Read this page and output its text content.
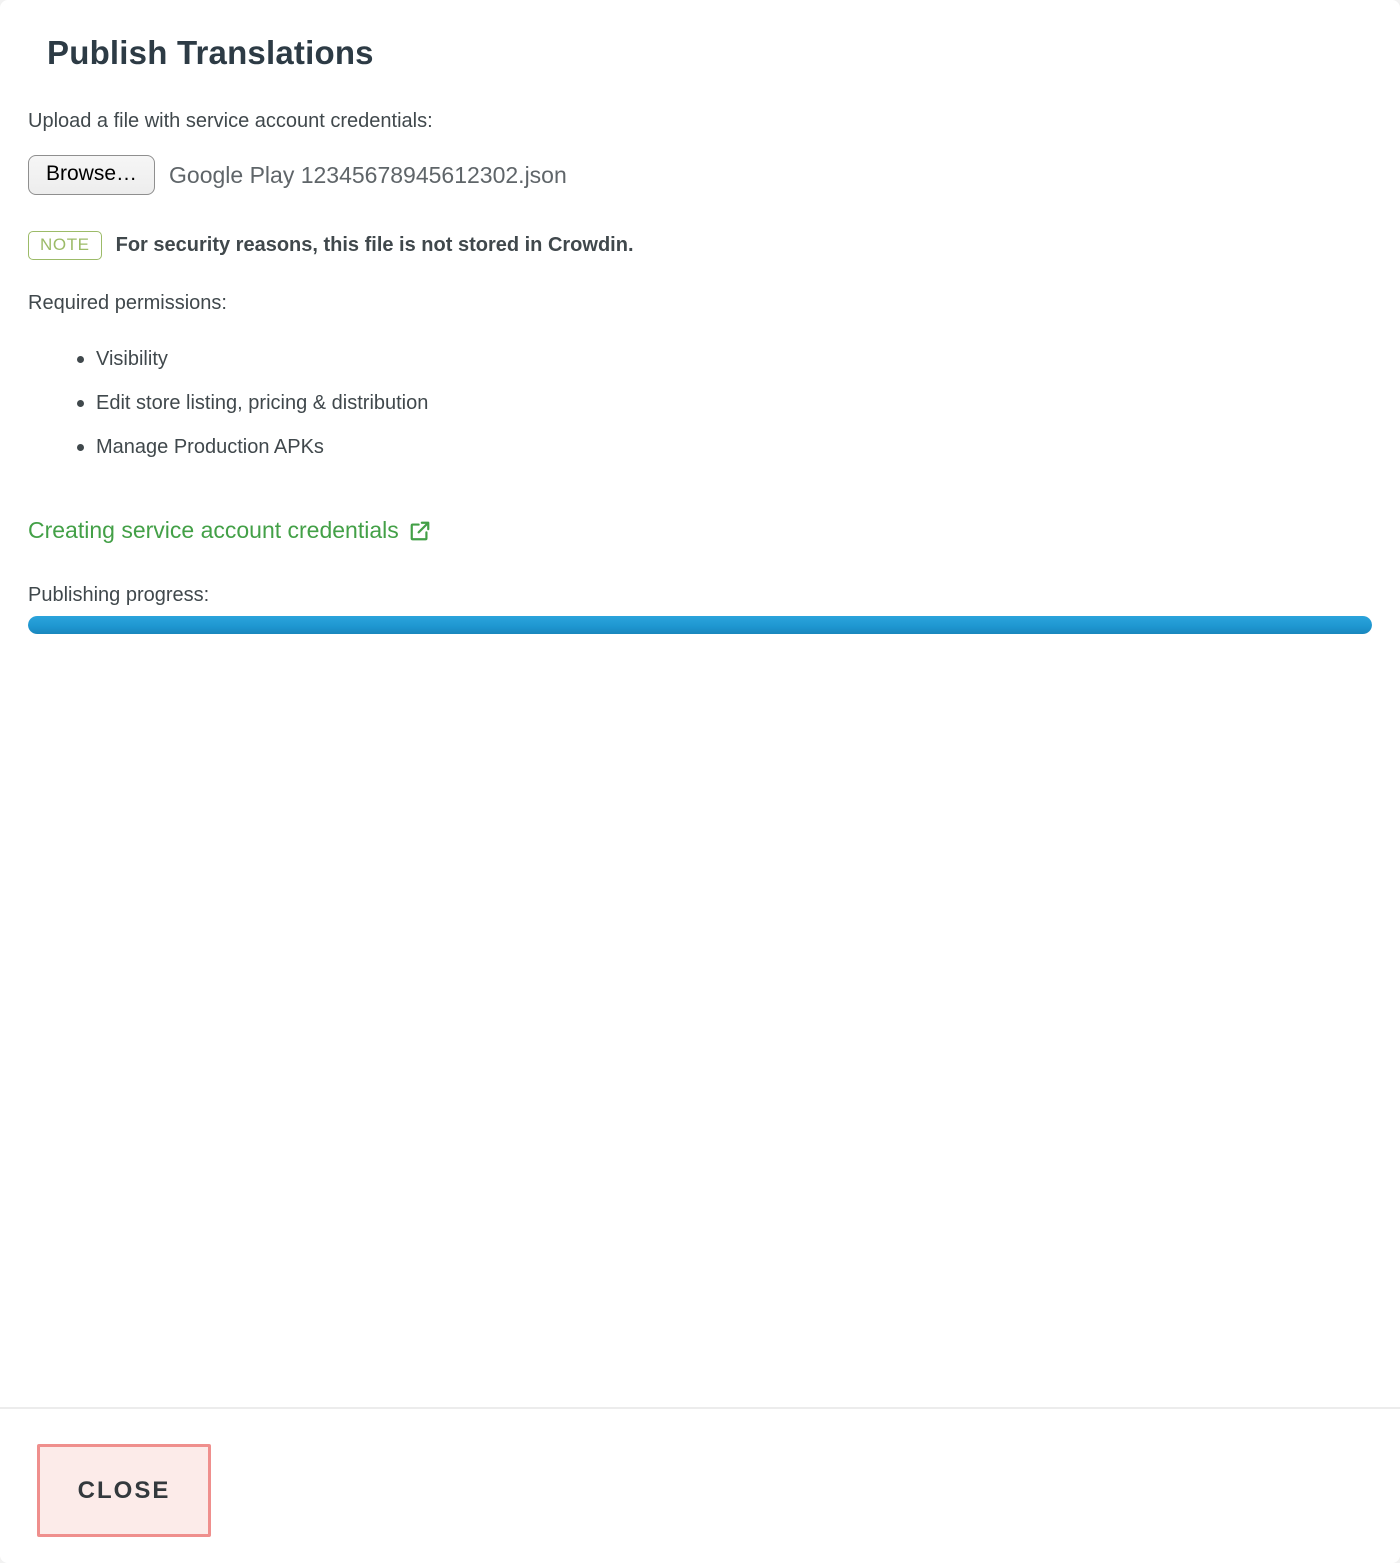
Publish Translations
Upload a file with service account credentials:
Browse…	Google Play 12345678945612302.json
NOTE	For security reasons, this file is not stored in Crowdin.
Required permissions:
Visibility
Edit store listing, pricing & distribution
Manage Production APKs
Creating service account credentials
Publishing progress:
CLOSE
